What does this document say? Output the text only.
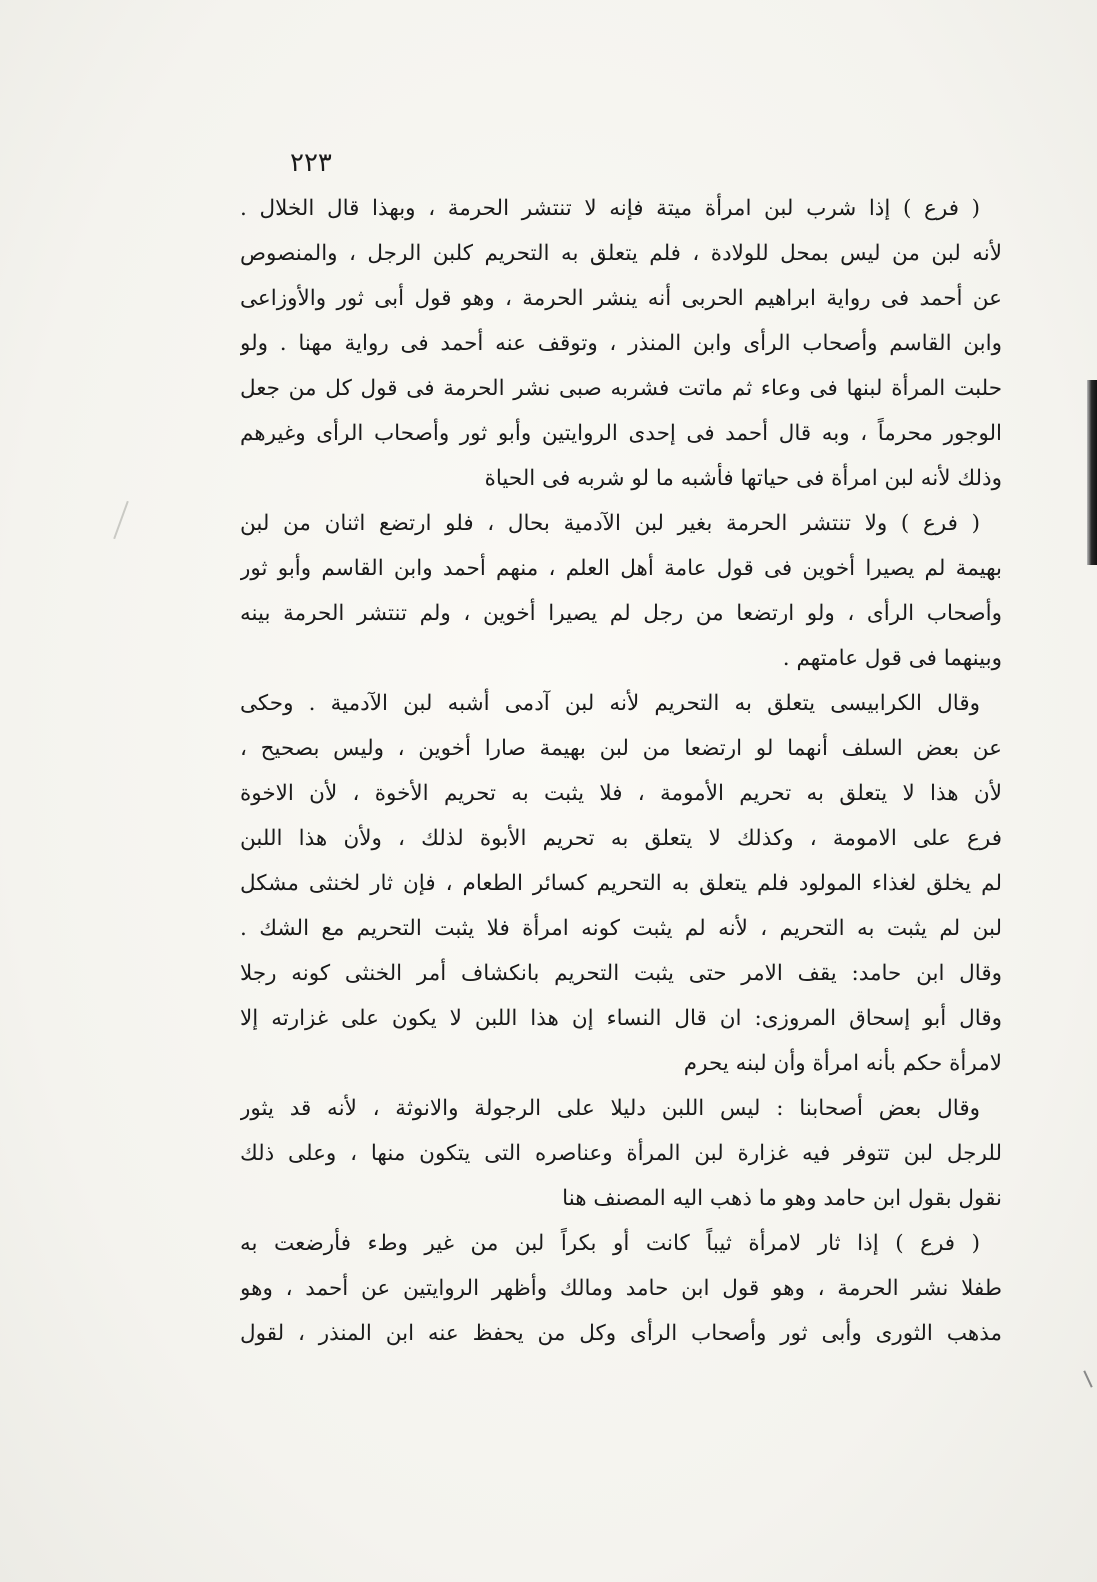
٢٢٣
( فرع ) إذا شرب لبن امرأة ميتة فإنه لا تنتشر الحرمة ، وبهذا قال الخلال .
لأنه لبن من ليس بمحل للولادة ، فلم يتعلق به التحريم كلبن الرجل ، والمنصوص
عن أحمد فى رواية ابراهيم الحربى أنه ينشر الحرمة ، وهو قول أبى ثور والأوزاعى
وابن القاسم وأصحاب الرأى وابن المنذر ، وتوقف عنه أحمد فى رواية مهنا . ولو
حلبت المرأة لبنها فى وعاء ثم ماتت فشربه صبى نشر الحرمة فى قول كل من جعل
الوجور محرماً ، وبه قال أحمد فى إحدى الروايتين وأبو ثور وأصحاب الرأى وغيرهم
وذلك لأنه لبن امرأة فى حياتها فأشبه ما لو شربه فى الحياة
( فرع ) ولا تنتشر الحرمة بغير لبن الآدمية بحال ، فلو ارتضع اثنان من لبن
بهيمة لم يصيرا أخوين فى قول عامة أهل العلم ، منهم أحمد وابن القاسم وأبو ثور
وأصحاب الرأى ، ولو ارتضعا من رجل لم يصيرا أخوين ، ولم تنتشر الحرمة بينه
وبينهما فى قول عامتهم .
وقال الكرابيسى يتعلق به التحريم لأنه لبن آدمى أشبه لبن الآدمية . وحكى
عن بعض السلف أنهما لو ارتضعا من لبن بهيمة صارا أخوين ، وليس بصحيح ،
لأن هذا لا يتعلق به تحريم الأمومة ، فلا يثبت به تحريم الأخوة ، لأن الاخوة
فرع على الامومة ، وكذلك لا يتعلق به تحريم الأبوة لذلك ، ولأن هذا اللبن
لم يخلق لغذاء المولود فلم يتعلق به التحريم كسائر الطعام ، فإن ثار لخنثى مشكل
لبن لم يثبت به التحريم ، لأنه لم يثبت كونه امرأة فلا يثبت التحريم مع الشك .
وقال ابن حامد: يقف الامر حتى يثبت التحريم بانكشاف أمر الخنثى كونه رجلا
وقال أبو إسحاق المروزى: ان قال النساء إن هذا اللبن لا يكون على غزارته إلا
لامرأة حكم بأنه امرأة وأن لبنه يحرم
وقال بعض أصحابنا : ليس اللبن دليلا على الرجولة والانوثة ، لأنه قد يثور
للرجل لبن تتوفر فيه غزارة لبن المرأة وعناصره التى يتكون منها ، وعلى ذلك
نقول بقول ابن حامد وهو ما ذهب اليه المصنف هنا
( فرع ) إذا ثار لامرأة ثيباً كانت أو بكراً لبن من غير وطء فأرضعت به
طفلا نشر الحرمة ، وهو قول ابن حامد ومالك وأظهر الروايتين عن أحمد ، وهو
مذهب الثورى وأبى ثور وأصحاب الرأى وكل من يحفظ عنه ابن المنذر ، لقول
